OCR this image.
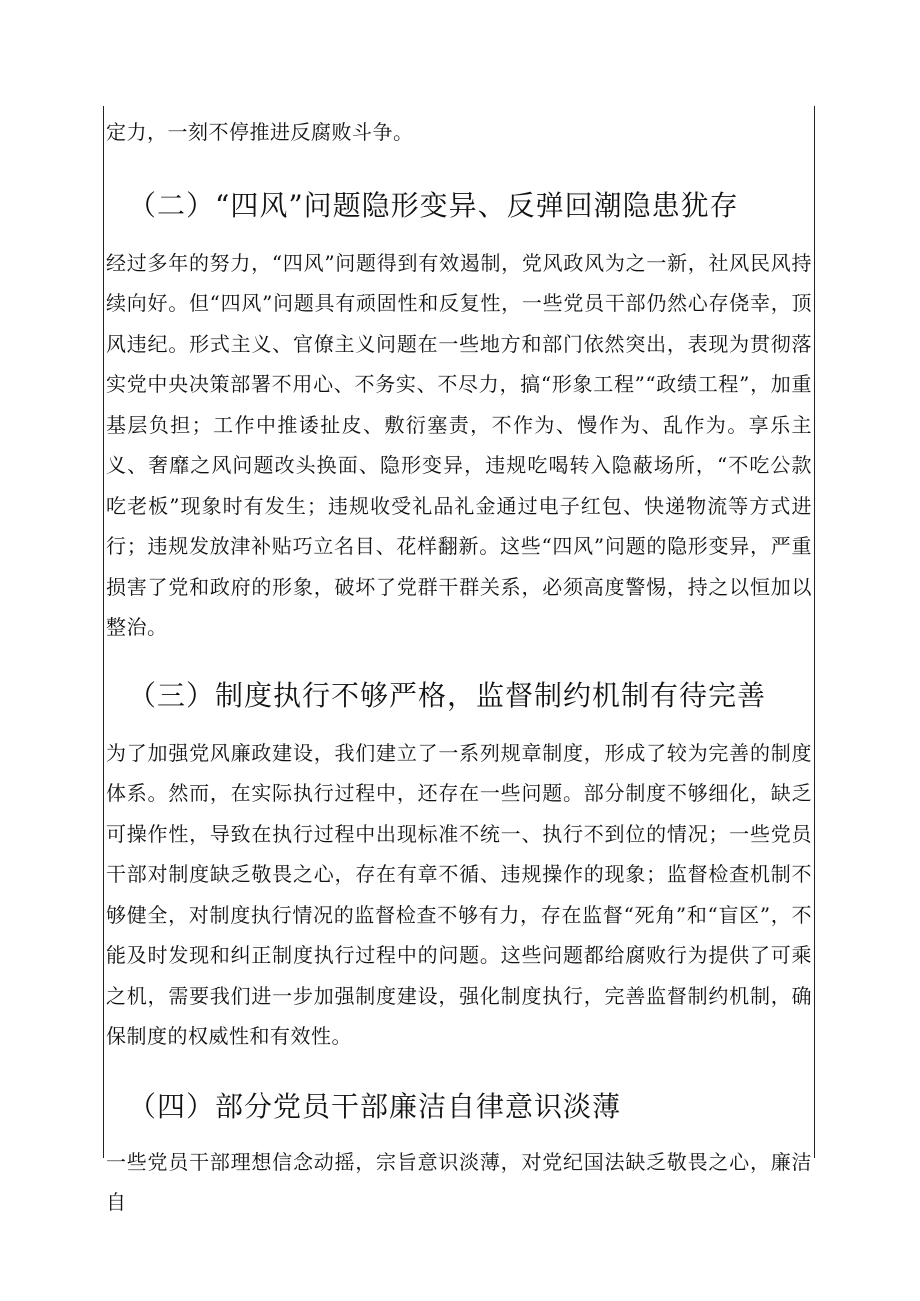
定力，一刻不停推进反腐败斗争。

（二）“四风”问题隐形变异、反弹回潮隐患犹存

经过多年的努力，“四风”问题得到有效遏制，党风政风为之一新，社风民风持续向好。但“四风”问题具有顽固性和反复性，一些党员干部仍然心存侥幸，顶风违纪。形式主义、官僚主义问题在一些地方和部门依然突出，表现为贯彻落实党中央决策部署不用心、不务实、不尽力，搞“形象工程”“政绩工程”，加重基层负担；工作中推诿扯皮、敷衍塞责，不作为、慢作为、乱作为。享乐主义、奢靡之风问题改头换面、隐形变异，违规吃喝转入隐蔽场所，“不吃公款吃老板”现象时有发生；违规收受礼品礼金通过电子红包、快递物流等方式进行；违规发放津补贴巧立名目、花样翻新。这些“四风”问题的隐形变异，严重损害了党和政府的形象，破坏了党群干群关系，必须高度警惕，持之以恒加以整治。

（三）制度执行不够严格，监督制约机制有待完善

为了加强党风廉政建设，我们建立了一系列规章制度，形成了较为完善的制度体系。然而，在实际执行过程中，还存在一些问题。部分制度不够细化，缺乏可操作性，导致在执行过程中出现标准不统一、执行不到位的情况；一些党员干部对制度缺乏敬畏之心，存在有章不循、违规操作的现象；监督检查机制不够健全，对制度执行情况的监督检查不够有力，存在监督“死角”和“盲区”，不能及时发现和纠正制度执行过程中的问题。这些问题都给腐败行为提供了可乘之机，需要我们进一步加强制度建设，强化制度执行，完善监督制约机制，确保制度的权威性和有效性。

（四）部分党员干部廉洁自律意识淡薄

一些党员干部理想信念动摇，宗旨意识淡薄，对党纪国法缺乏敬畏之心，廉洁自
